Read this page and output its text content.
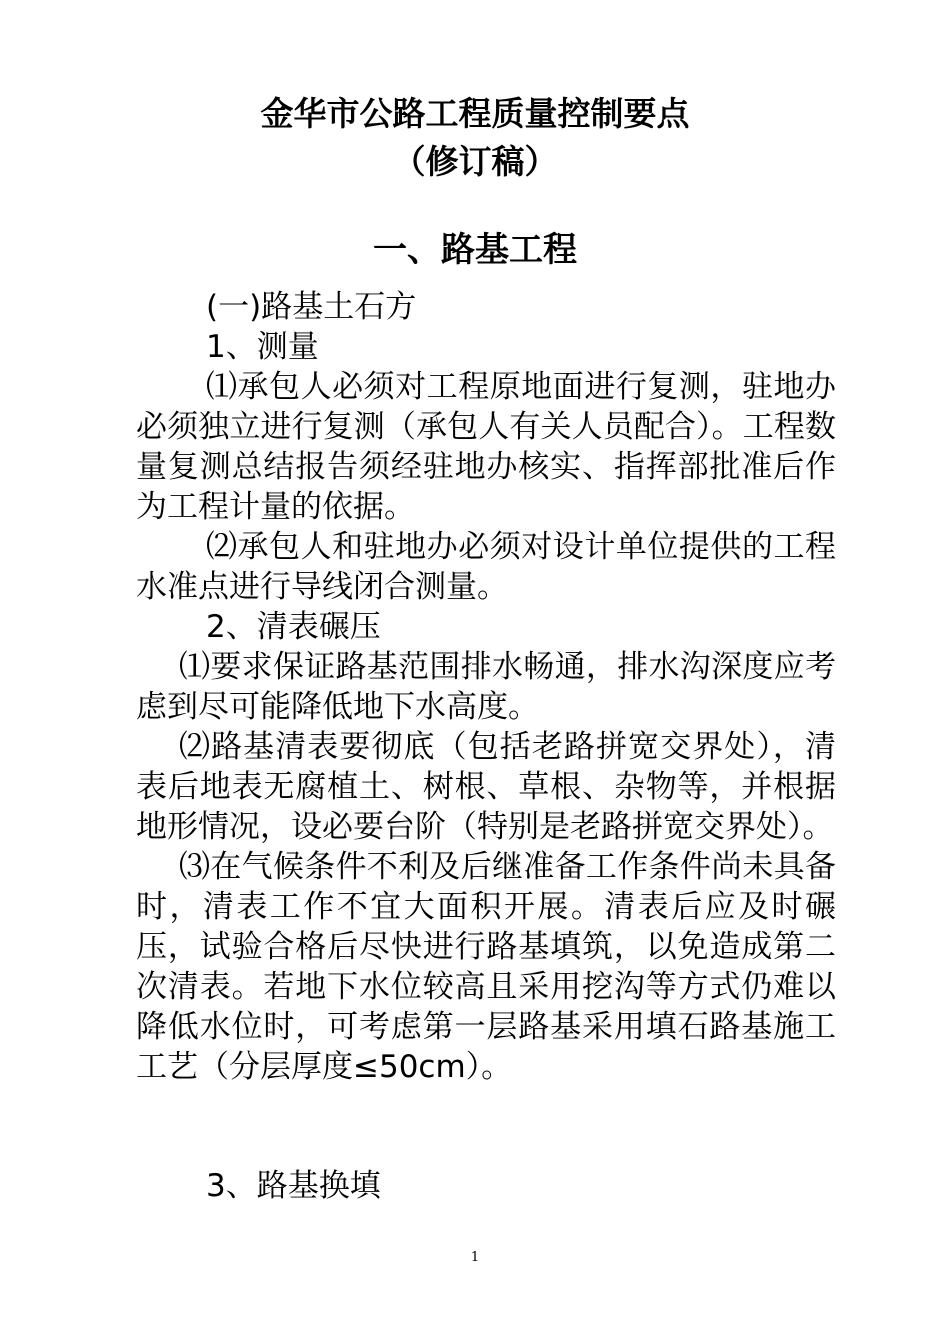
金华市公路工程质量控制要点
（修订稿）
一、路基工程
(一)路基土石方
1、测量

⑴承包人必须对工程原地面进行复测，驻地办必须独立进行复测（承包人有关人员配合）。工程数量复测总结报告须经驻地办核实、指挥部批准后作为工程计量的依据。

⑵承包人和驻地办必须对设计单位提供的工程水准点进行导线闭合测量。

2、清表碾压

⑴要求保证路基范围排水畅通，排水沟深度应考虑到尽可能降低地下水高度。

⑵路基清表要彻底（包括老路拼宽交界处），清表后地表无腐植土、树根、草根、杂物等，并根据地形情况，设必要台阶（特别是老路拼宽交界处）。

⑶在气候条件不利及后继准备工作条件尚未具备时，清表工作不宜大面积开展。清表后应及时碾压，试验合格后尽快进行路基填筑，以免造成第二次清表。若地下水位较高且采用挖沟等方式仍难以降低水位时，可考虑第一层路基采用填石路基施工工艺（分层厚度≤50cm）。

3、路基换填
1
